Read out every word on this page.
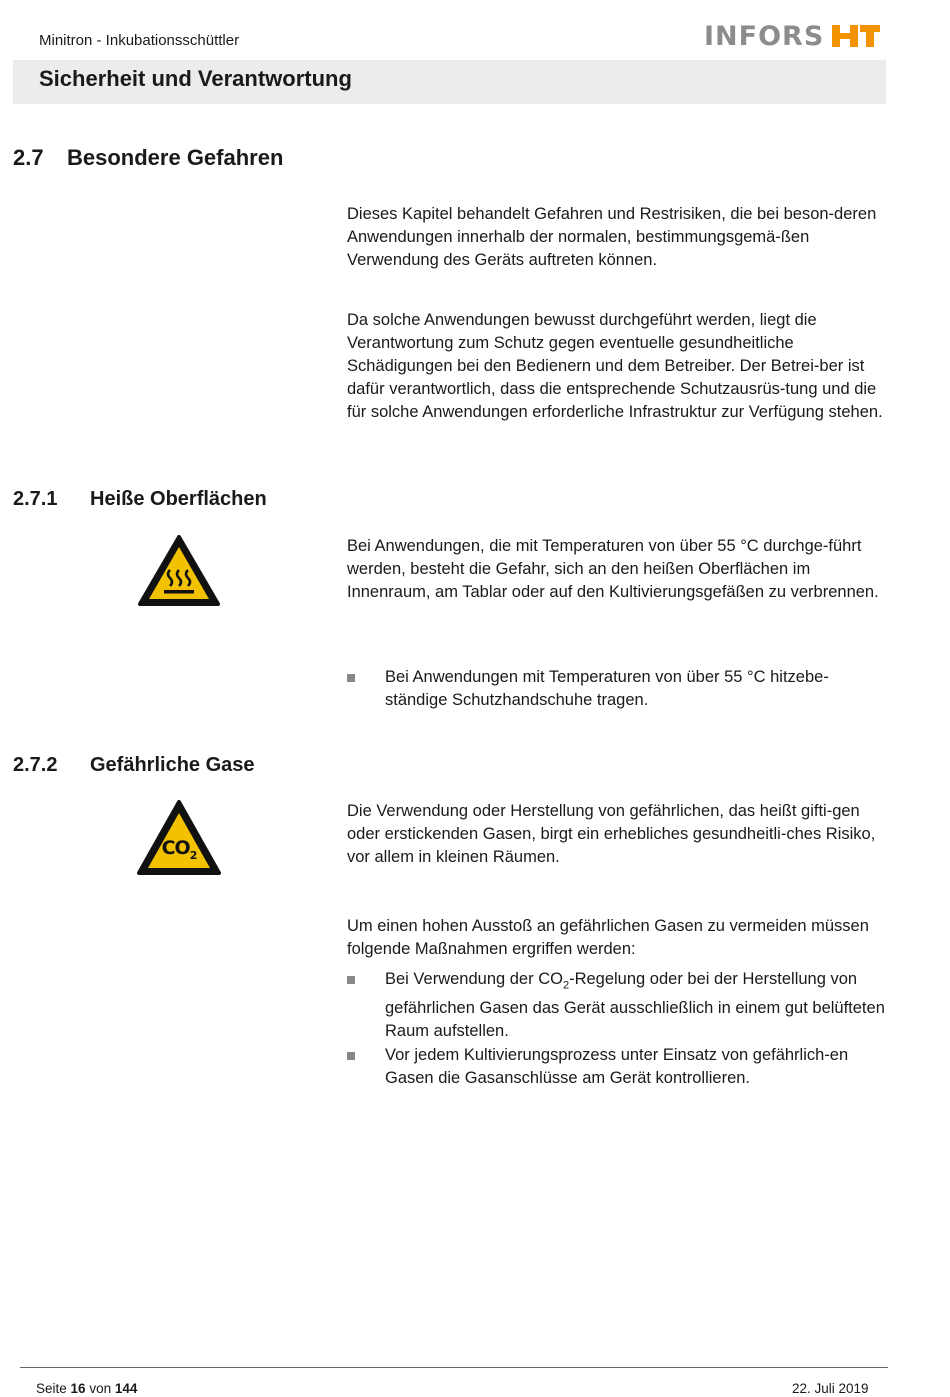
Minitron - Inkubationsschüttler	INFORS
Sicherheit und Verantwortung
2.7 Besondere Gefahren
Dieses Kapitel behandelt Gefahren und Restrisiken, die bei beson-deren Anwendungen innerhalb der normalen, bestimmungsgemä-ßen Verwendung des Geräts auftreten können.
Da solche Anwendungen bewusst durchgeführt werden, liegt die Verantwortung zum Schutz gegen eventuelle gesundheitliche Schädigungen bei den Bedienern und dem Betreiber. Der Betrei-ber ist dafür verantwortlich, dass die entsprechende Schutzausrüs-tung und die für solche Anwendungen erforderliche Infrastruktur zur Verfügung stehen.
2.7.1 Heiße Oberflächen
Bei Anwendungen, die mit Temperaturen von über 55 °C durchge-führt werden, besteht die Gefahr, sich an den heißen Oberflächen im Innenraum, am Tablar oder auf den Kultivierungsgefäßen zu verbrennen.
Bei Anwendungen mit Temperaturen von über 55 °C hitzebe-ständige Schutzhandschuhe tragen.
2.7.2 Gefährliche Gase
$CO_2$
Die Verwendung oder Herstellung von gefährlichen, das heißt gifti-gen oder erstickenden Gasen, birgt ein erhebliches gesundheitli-ches Risiko, vor allem in kleinen Räumen.
Um einen hohen Ausstoß an gefährlichen Gasen zu vermeiden müssen folgende Maßnahmen ergriffen werden:
Bei Verwendung der $CO_2$-Regelung oder bei der Herstellung von gefährlichen Gasen das Gerät ausschließlich in einem gut belüfteten Raum aufstellen.
Vor jedem Kultivierungsprozess unter Einsatz von gefährlich-en Gasen die Gasanschlüsse am Gerät kontrollieren.
Seite 16 von 144	22. Juli 2019
